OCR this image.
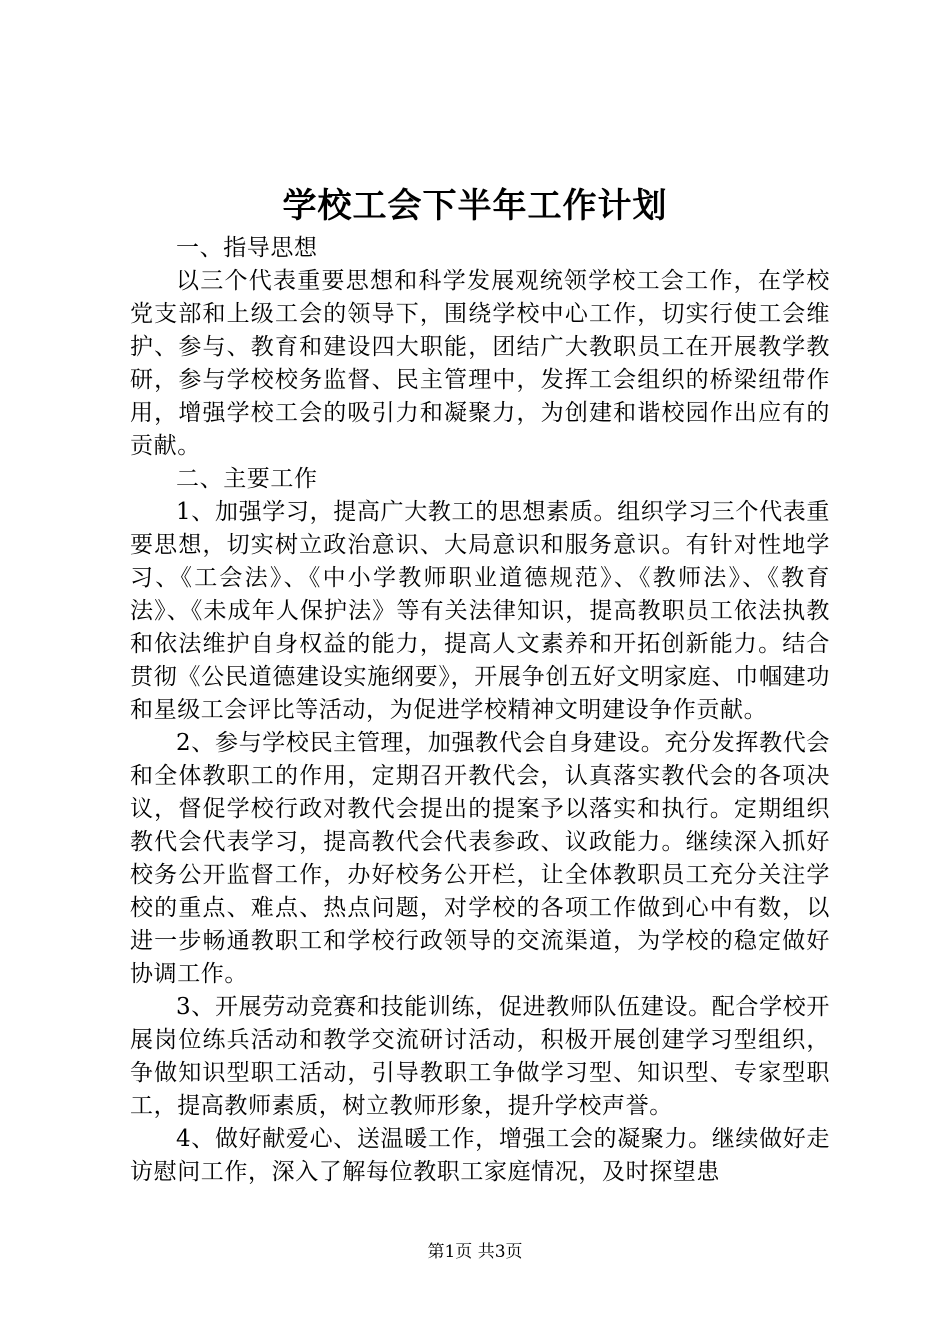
学校工会下半年工作计划

一、指导思想

以三个代表重要思想和科学发展观统领学校工会工作，在学校党支部和上级工会的领导下，围绕学校中心工作，切实行使工会维护、参与、教育和建设四大职能，团结广大教职员工在开展教学教研，参与学校校务监督、民主管理中，发挥工会组织的桥梁纽带作用，增强学校工会的吸引力和凝聚力，为创建和谐校园作出应有的贡献。

二、主要工作

1、加强学习，提高广大教工的思想素质。组织学习三个代表重要思想，切实树立政治意识、大局意识和服务意识。有针对性地学习、《工会法》、《中小学教师职业道德规范》、《教师法》、《教育法》、《未成年人保护法》等有关法律知识，提高教职员工依法执教和依法维护自身权益的能力，提高人文素养和开拓创新能力。结合贯彻《公民道德建设实施纲要》，开展争创五好文明家庭、巾帼建功和星级工会评比等活动，为促进学校精神文明建设争作贡献。

2、参与学校民主管理，加强教代会自身建设。充分发挥教代会和全体教职工的作用，定期召开教代会，认真落实教代会的各项决议，督促学校行政对教代会提出的提案予以落实和执行。定期组织教代会代表学习，提高教代会代表参政、议政能力。继续深入抓好校务公开监督工作，办好校务公开栏，让全体教职员工充分关注学校的重点、难点、热点问题，对学校的各项工作做到心中有数，以进一步畅通教职工和学校行政领导的交流渠道，为学校的稳定做好协调工作。

3、开展劳动竞赛和技能训练，促进教师队伍建设。配合学校开展岗位练兵活动和教学交流研讨活动，积极开展创建学习型组织，争做知识型职工活动，引导教职工争做学习型、知识型、专家型职工，提高教师素质，树立教师形象，提升学校声誉。

4、做好献爱心、送温暖工作，增强工会的凝聚力。继续做好走访慰问工作，深入了解每位教职工家庭情况，及时探望患

第1页 共3页
